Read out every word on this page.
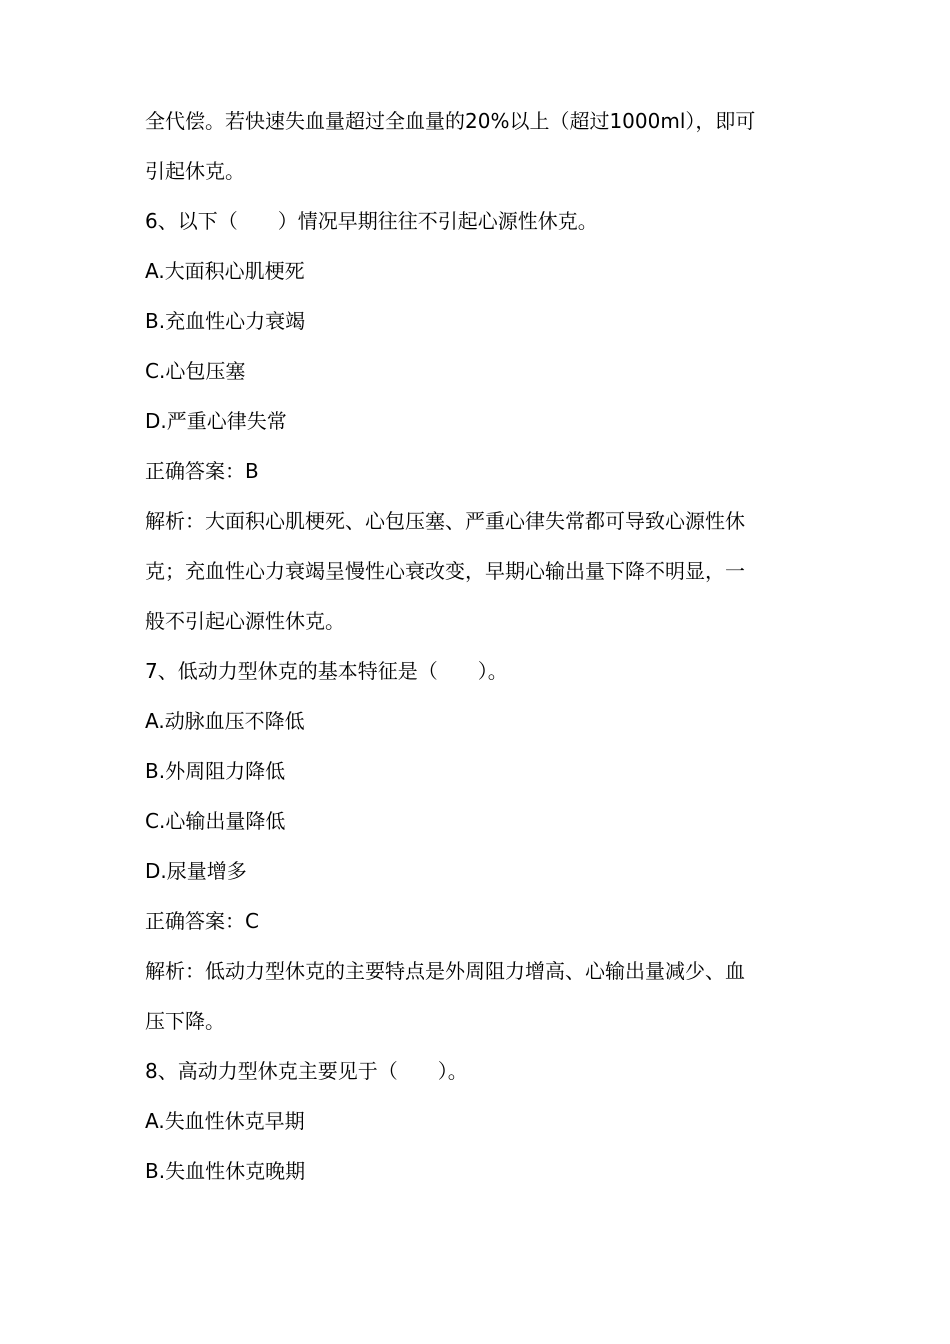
全代偿。若快速失血量超过全血量的20%以上（超过1000ml），即可
引起休克。
6、以下（　　）情况早期往往不引起心源性休克。
A.大面积心肌梗死
B.充血性心力衰竭
C.心包压塞
D.严重心律失常
正确答案：B
解析：大面积心肌梗死、心包压塞、严重心律失常都可导致心源性休
克；充血性心力衰竭呈慢性心衰改变，早期心输出量下降不明显，一
般不引起心源性休克。
7、低动力型休克的基本特征是（　　）。
A.动脉血压不降低
B.外周阻力降低
C.心输出量降低
D.尿量增多
正确答案：C
解析：低动力型休克的主要特点是外周阻力增高、心输出量减少、血
压下降。
8、高动力型休克主要见于（　　）。
A.失血性休克早期
B.失血性休克晚期
